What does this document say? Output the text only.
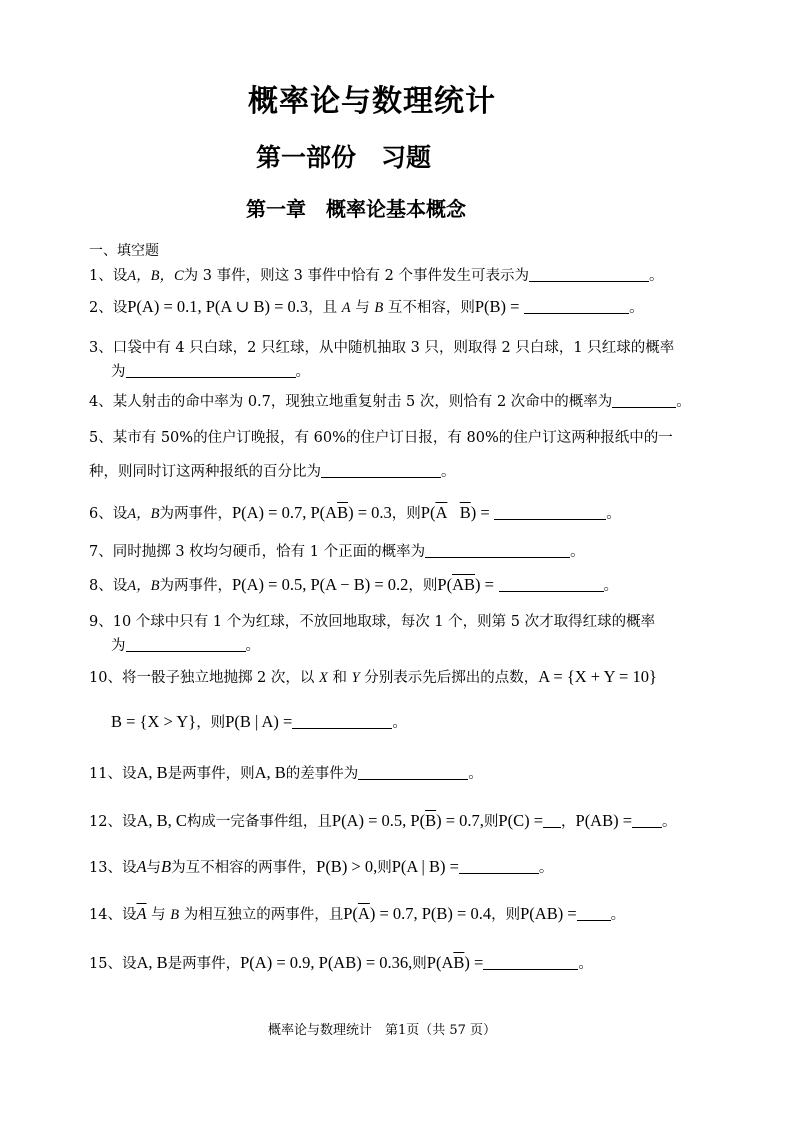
概率论与数理统计
第一部份　习题
第一章　概率论基本概念
一、填空题
1、设A，B，C为 3 事件，则这 3 事件中恰有 2 个事件发生可表示为	。
2、设P(A) = 0.1, P(A ∪ B) = 0.3，且 A 与 B 互不相容，则P(B) =	。
3、口袋中有 4 只白球，2 只红球，从中随机抽取 3 只，则取得 2 只白球，1 只红球的概率
为	。
4、某人射击的命中率为 0.7，现独立地重复射击 5 次，则恰有 2 次命中的概率为	。
5、某市有 50%的住户订晚报，有 60%的住户订日报，有 80%的住户订这两种报纸中的一
种，则同时订这两种报纸的百分比为	。
6、设A，B为两事件，P(A) = 0.7, $P(A\overline{B}) = 0.3$，则$P(\overline{A}$ $\overline{B}$) =	。
7、同时抛掷 3 枚均匀硬币，恰有 1 个正面的概率为	。
8、设A，B为两事件，P(A) = 0.5, P(A − B) = 0.2，则$P(\overline{AB})$ =	。
9、10 个球中只有 1 个为红球，不放回地取球，每次 1 个，则第 5 次才取得红球的概率
为	。
10、将一骰子独立地抛掷 2 次，以 X 和 Y 分别表示先后掷出的点数，A = {X + Y = 10}
B = {X > Y}，则P(B | A) =	。
11、设A, B是两事件，则A, B的差事件为	。
12、设A, B, C构成一完备事件组，且P(A) = 0.5, $P(\overline{B}) = 0.7$,则P(C) = ，P(AB) = 。
13、设A与B为互不相容的两事件，P(B) > 0,则P(A | B) =	。
14、设$\overline{A}$ 与 B 为相互独立的两事件，且$P(\overline{A}) = 0.7$, P(B) = 0.4，则P(AB) = 。
15、设A, B是两事件，P(A) = 0.9, P(AB) = 0.36,则$P(A\overline{B})$ =	。
概率论与数理统计　第1页（共 57 页）
